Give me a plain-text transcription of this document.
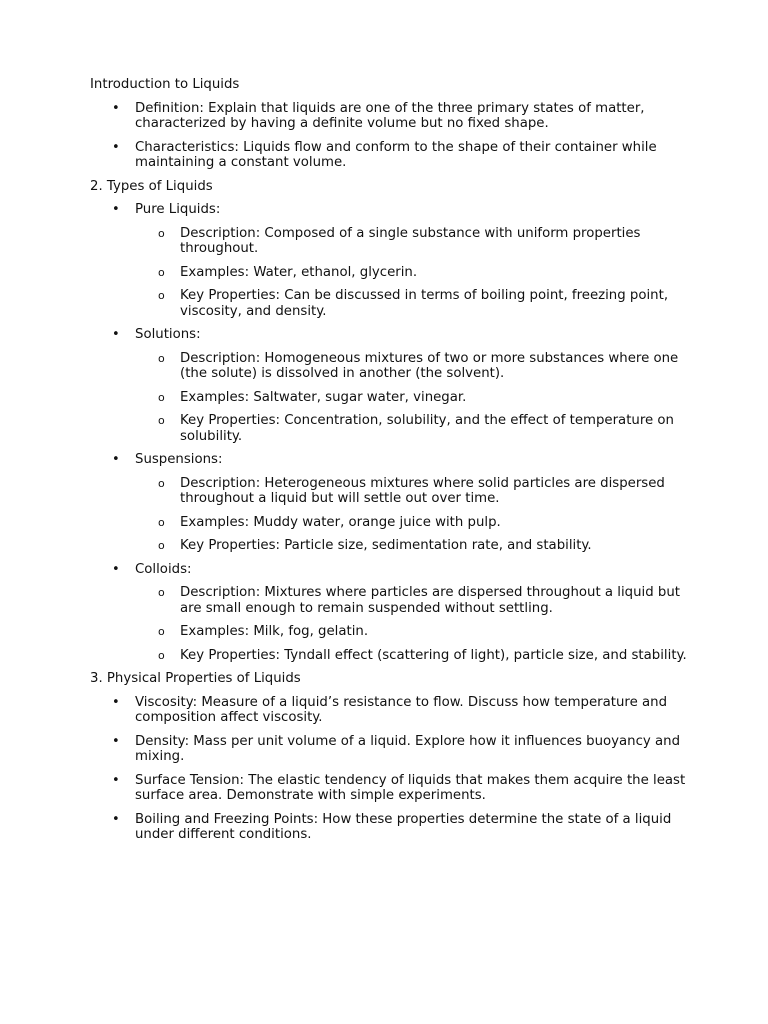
Introduction to Liquids
• Definition: Explain that liquids are one of the three primary states of matter, characterized by having a definite volume but no fixed shape.
• Characteristics: Liquids flow and conform to the shape of their container while maintaining a constant volume.
2. Types of Liquids
• Pure Liquids:
o Description: Composed of a single substance with uniform properties throughout.
o Examples: Water, ethanol, glycerin.
o Key Properties: Can be discussed in terms of boiling point, freezing point, viscosity, and density.
• Solutions:
o Description: Homogeneous mixtures of two or more substances where one (the solute) is dissolved in another (the solvent).
o Examples: Saltwater, sugar water, vinegar.
o Key Properties: Concentration, solubility, and the effect of temperature on solubility.
• Suspensions:
o Description: Heterogeneous mixtures where solid particles are dispersed throughout a liquid but will settle out over time.
o Examples: Muddy water, orange juice with pulp.
o Key Properties: Particle size, sedimentation rate, and stability.
• Colloids:
o Description: Mixtures where particles are dispersed throughout a liquid but are small enough to remain suspended without settling.
o Examples: Milk, fog, gelatin.
o Key Properties: Tyndall effect (scattering of light), particle size, and stability.
3. Physical Properties of Liquids
• Viscosity: Measure of a liquid’s resistance to flow. Discuss how temperature and composition affect viscosity.
• Density: Mass per unit volume of a liquid. Explore how it influences buoyancy and mixing.
• Surface Tension: The elastic tendency of liquids that makes them acquire the least surface area. Demonstrate with simple experiments.
• Boiling and Freezing Points: How these properties determine the state of a liquid under different conditions.
